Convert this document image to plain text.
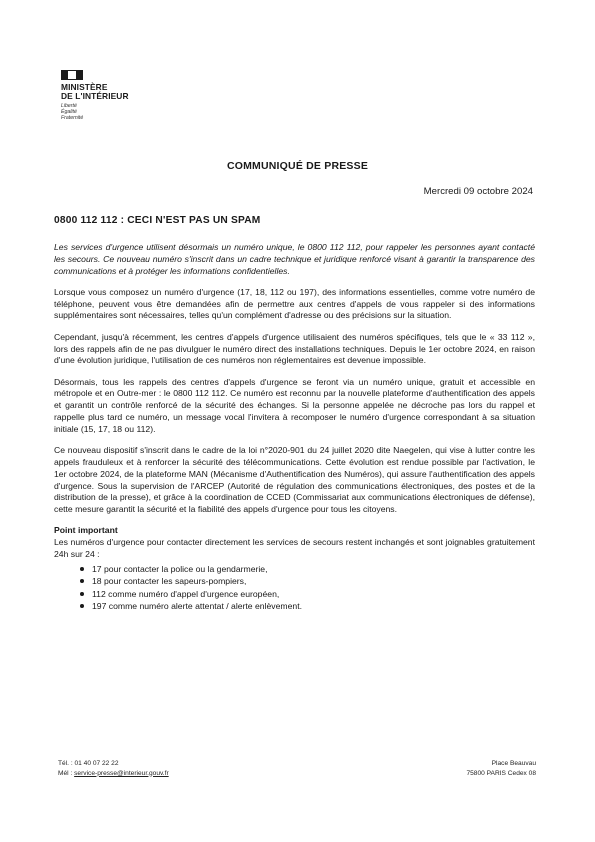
MINISTÈRE
DE L'INTÉRIEUR
Liberté
Égalité
Fraternité
COMMUNIQUÉ DE PRESSE
Mercredi 09 octobre 2024
0800 112 112 : CECI N'EST PAS UN SPAM

Les services d'urgence utilisent désormais un numéro unique, le 0800 112 112, pour rappeler les personnes ayant contacté les secours. Ce nouveau numéro s'inscrit dans un cadre technique et juridique renforcé visant à garantir la transparence des communications et à protéger les informations confidentielles.

Lorsque vous composez un numéro d'urgence (17, 18, 112 ou 197), des informations essentielles, comme votre numéro de téléphone, peuvent vous être demandées afin de permettre aux centres d'appels de vous rappeler si des informations supplémentaires sont nécessaires, telles qu'un complément d'adresse ou des précisions sur la situation.

Cependant, jusqu'à récemment, les centres d'appels d'urgence utilisaient des numéros spécifiques, tels que le « 33 112 », lors des rappels afin de ne pas divulguer le numéro direct des installations techniques. Depuis le 1er octobre 2024, en raison d'une évolution juridique, l'utilisation de ces numéros non réglementaires est devenue impossible.

Désormais, tous les rappels des centres d'appels d'urgence se feront via un numéro unique, gratuit et accessible en métropole et en Outre-mer : le 0800 112 112. Ce numéro est reconnu par la nouvelle plateforme d'authentification des appels et garantit un contrôle renforcé de la sécurité des échanges. Si la personne appelée ne décroche pas lors du rappel et rappelle plus tard ce numéro, un message vocal l'invitera à recomposer le numéro d'urgence correspondant à sa situation initiale (15, 17, 18 ou 112).

Ce nouveau dispositif s'inscrit dans le cadre de la loi n°2020-901 du 24 juillet 2020 dite Naegelen, qui vise à lutter contre les appels frauduleux et à renforcer la sécurité des télécommunications. Cette évolution est rendue possible par l'activation, le 1er octobre 2024, de la plateforme MAN (Mécanisme d'Authentification des Numéros), qui assure l'authentification des appels d'urgence. Sous la supervision de l'ARCEP (Autorité de régulation des communications électroniques, des postes et de la distribution de la presse), et grâce à la coordination de CCED (Commissariat aux communications électroniques de défense), cette mesure garantit la sécurité et la fiabilité des appels d'urgence pour tous les citoyens.

Point important

Les numéros d'urgence pour contacter directement les services de secours restent inchangés et sont joignables gratuitement 24h sur 24 :

17 pour contacter la police ou la gendarmerie,
18 pour contacter les sapeurs-pompiers,
112 comme numéro d'appel d'urgence européen,
197 comme numéro alerte attentat / alerte enlèvement.
Tél. : 01 40 07 22 22
Mél : service-presse@interieur.gouv.fr
Place Beauvau
75800 PARIS Cedex 08
